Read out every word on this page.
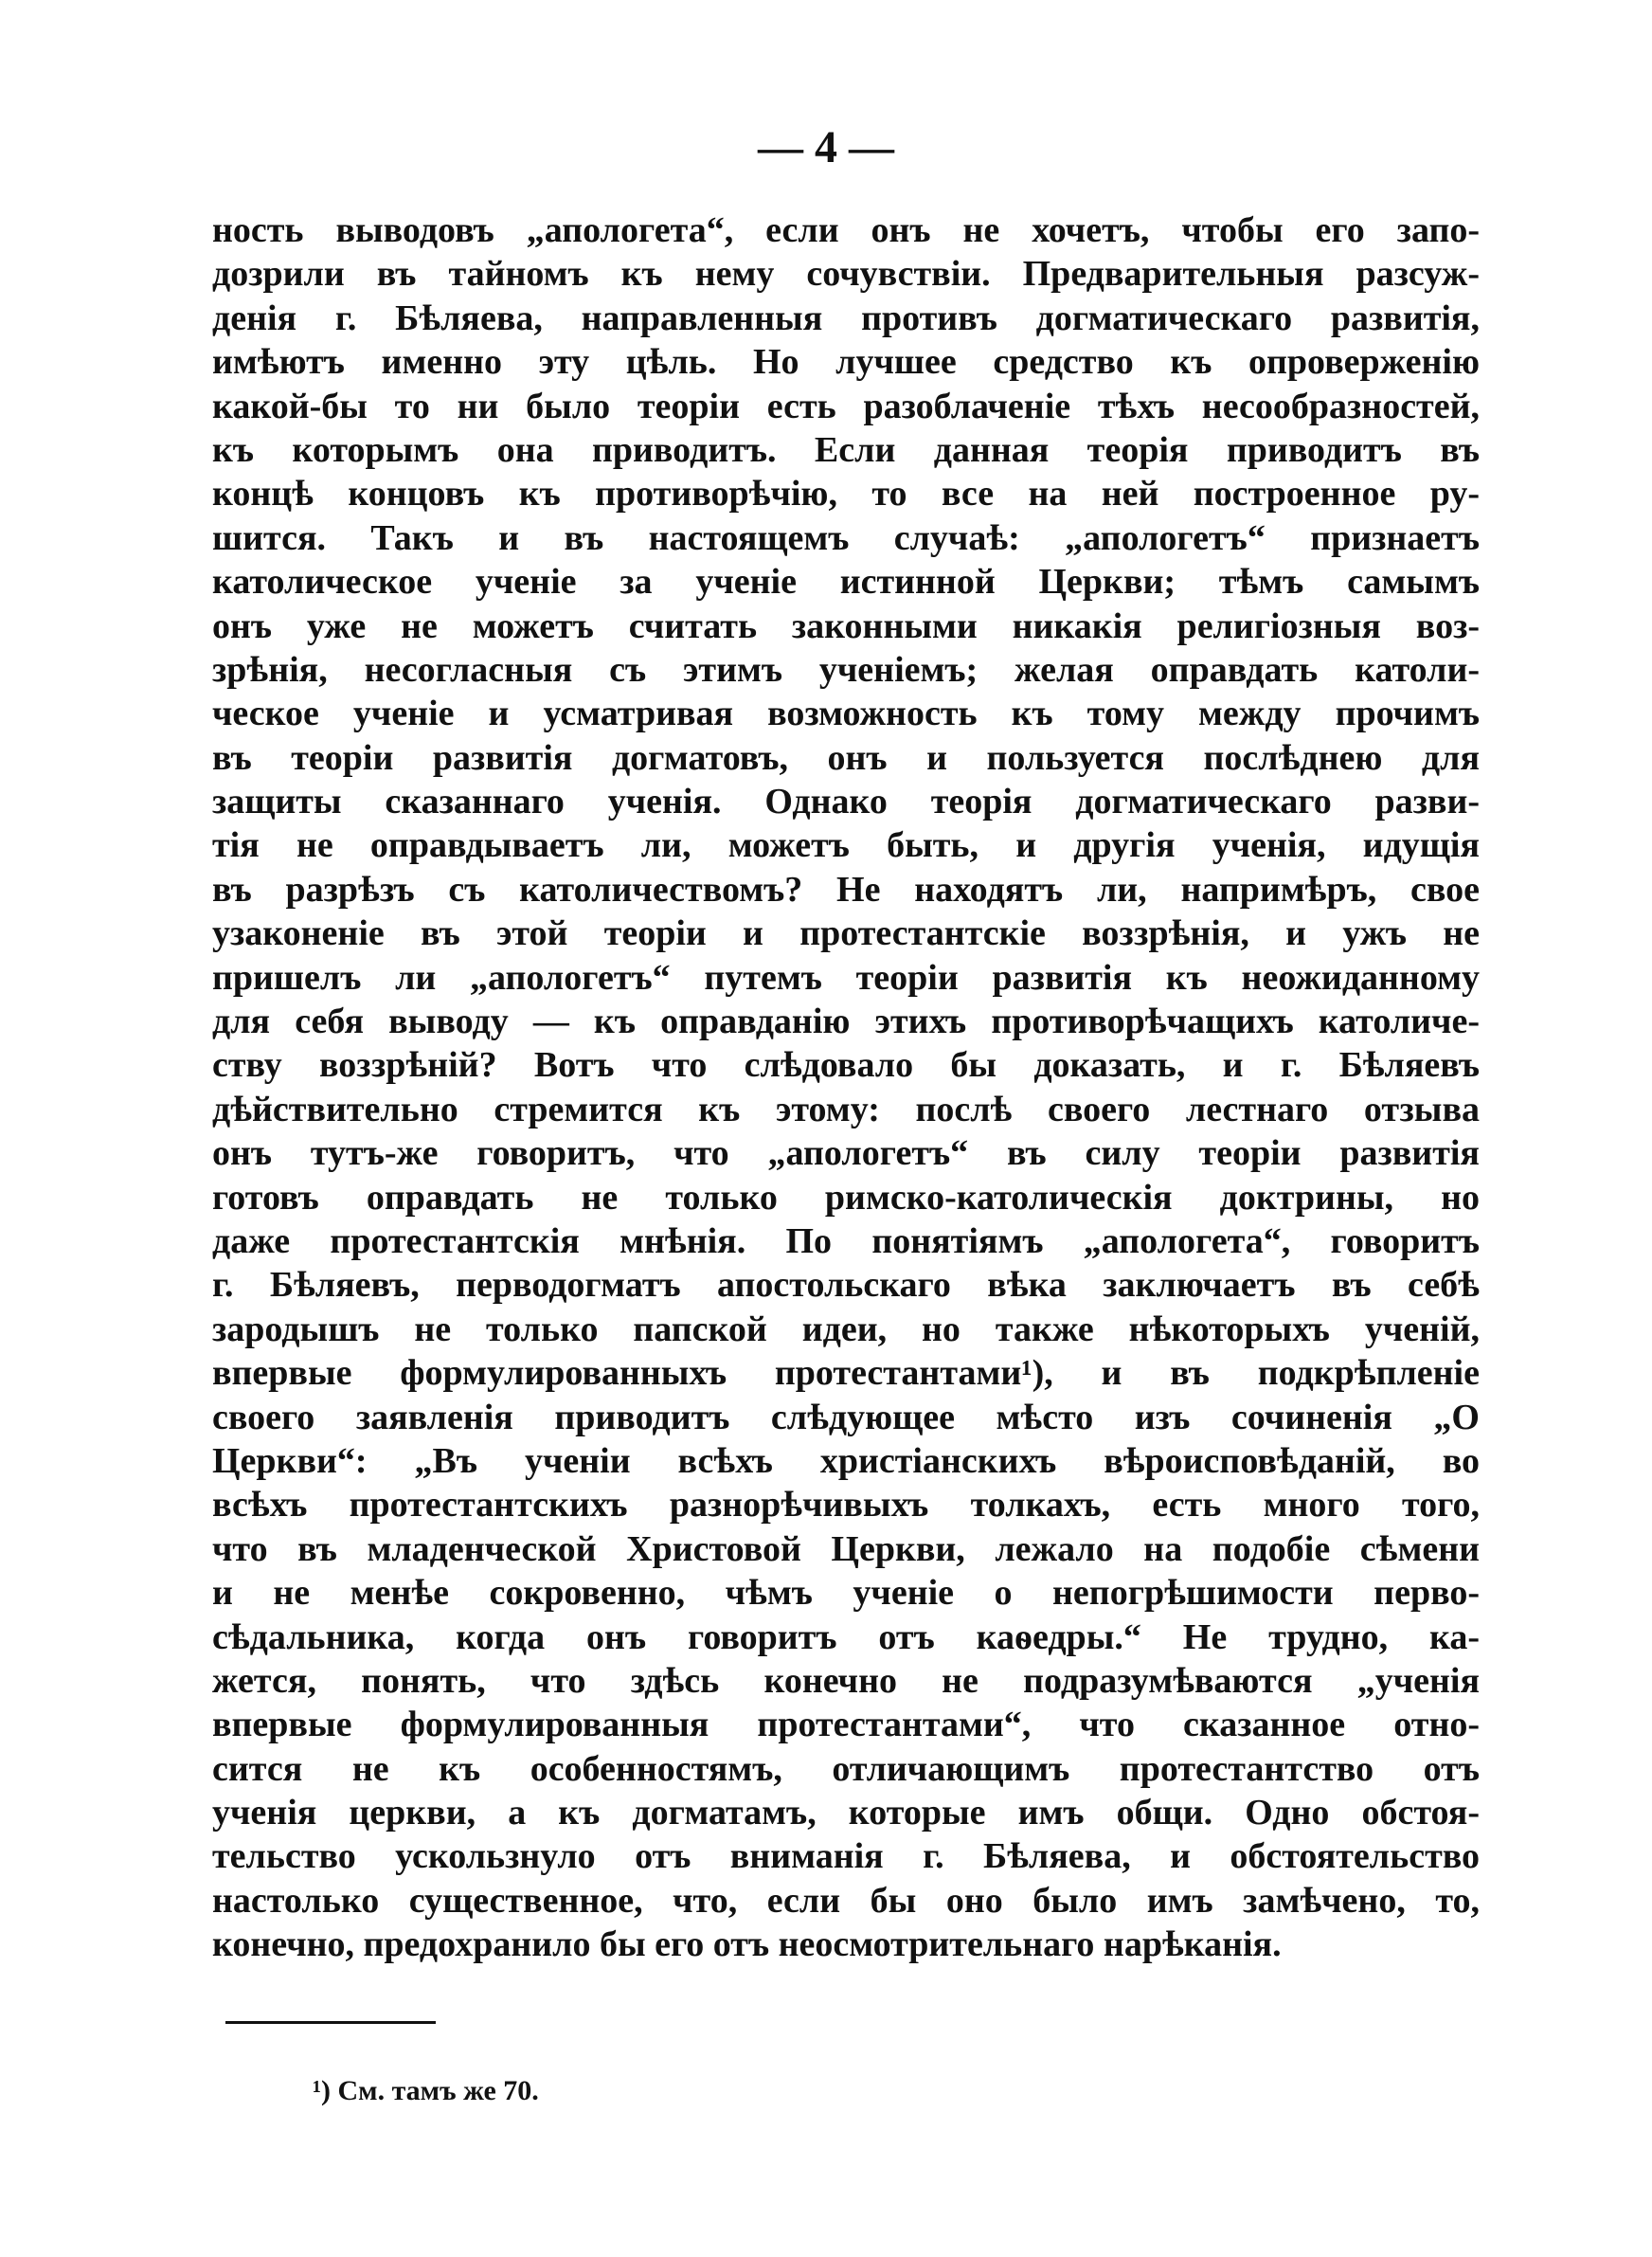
— 4 —
ность выводовъ „апологета“, если онъ не хочетъ, чтобы его запо-
дозрили въ тайномъ къ нему сочувствіи. Предварительныя разсуж-
денія г. Бѣляева, направленныя противъ догматическаго развитія,
имѣютъ именно эту цѣль. Но лучшее средство къ опроверженію
какой-бы то ни было теоріи есть разоблаченіе тѣхъ несообразностей,
къ которымъ она приводитъ. Если данная теорія приводитъ въ
концѣ концовъ къ противорѣчію, то все на ней построенное ру-
шится. Такъ и въ настоящемъ случаѣ: „апологетъ“ признаетъ
католическое ученіе за ученіе истинной Церкви; тѣмъ самымъ
онъ уже не можетъ считать законными никакія религіозныя воз-
зрѣнія, несогласныя съ этимъ ученіемъ; желая оправдать католи-
ческое ученіе и усматривая возможность къ тому между прочимъ
въ теоріи развитія догматовъ, онъ и пользуется послѣднею для
защиты сказаннаго ученія. Однако теорія догматическаго разви-
тія не оправдываетъ ли, можетъ быть, и другія ученія, идущія
въ разрѣзъ съ католичествомъ? Не находятъ ли, напримѣръ, свое
узаконеніе въ этой теоріи и протестантскіе воззрѣнія, и ужъ не
пришелъ ли „апологетъ“ путемъ теоріи развитія къ неожиданному
для себя выводу — къ оправданію этихъ противорѣчащихъ католиче-
ству воззрѣній? Вотъ что слѣдовало бы доказать, и г. Бѣляевъ
дѣйствительно стремится къ этому: послѣ своего лестнаго отзыва
онъ тутъ-же говоритъ, что „апологетъ“ въ силу теоріи развитія
готовъ оправдать не только римско-католическія доктрины, но
даже протестантскія мнѣнія. По понятіямъ „апологета“, говоритъ
г. Бѣляевъ, перводогматъ апостольскаго вѣка заключаетъ въ себѣ
зародышъ не только папской идеи, но также нѣкоторыхъ ученій,
впервые формулированныхъ протестантами¹), и въ подкрѣпленіе
своего заявленія приводитъ слѣдующее мѣсто изъ сочиненія „О
Церкви“: „Въ ученіи всѣхъ христіанскихъ вѣроисповѣданій, во
всѣхъ протестантскихъ разнорѣчивыхъ толкахъ, есть много того,
что въ младенческой Христовой Церкви, лежало на подобіе сѣмени
и не менѣе сокровенно, чѣмъ ученіе о непогрѣшимости перво-
сѣдальника, когда онъ говоритъ отъ каѳедры.“ Не трудно, ка-
жется, понять, что здѣсь конечно не подразумѣваются „ученія
впервые формулированныя протестантами“, что сказанное отно-
сится не къ особенностямъ, отличающимъ протестантство отъ
ученія церкви, а къ догматамъ, которые имъ общи. Одно обстоя-
тельство ускользнуло отъ вниманія г. Бѣляева, и обстоятельство
настолько существенное, что, если бы оно было имъ замѣчено, то,
конечно, предохранило бы его отъ неосмотрительнаго нарѣканія.
¹) См. тамъ же 70.
